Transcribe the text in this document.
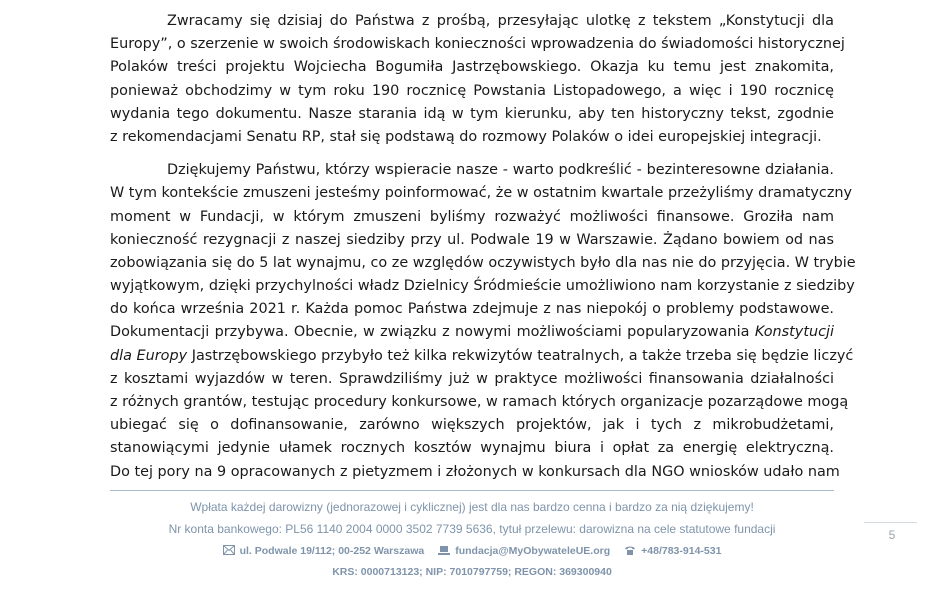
Zwracamy się dzisiaj do Państwa z prośbą, przesyłając ulotkę z tekstem „Konstytucji dla
Europy”, o szerzenie w swoich środowiskach konieczności wprowadzenia do świadomości historycznej
Polaków treści projektu Wojciecha Bogumiła Jastrzębowskiego. Okazja ku temu jest znakomita,
ponieważ obchodzimy w tym roku 190 rocznicę Powstania Listopadowego, a więc i 190 rocznicę
wydania tego dokumentu. Nasze starania idą w tym kierunku, aby ten historyczny tekst, zgodnie
z rekomendacjami Senatu RP, stał się podstawą do rozmowy Polaków o idei europejskiej integracji.
Dziękujemy Państwu, którzy wspieracie nasze - warto podkreślić - bezinteresowne działania.
W tym kontekście zmuszeni jesteśmy poinformować, że w ostatnim kwartale przeżyliśmy dramatyczny
moment w Fundacji, w którym zmuszeni byliśmy rozważyć możliwości finansowe. Groziła nam
konieczność rezygnacji z naszej siedziby przy ul. Podwale 19 w Warszawie. Żądano bowiem od nas
zobowiązania się do 5 lat wynajmu, co ze względów oczywistych było dla nas nie do przyjęcia. W trybie
wyjątkowym, dzięki przychylności władz Dzielnicy Śródmieście umożliwiono nam korzystanie z siedziby
do końca września 2021 r. Każda pomoc Państwa zdejmuje z nas niepokój o problemy podstawowe.
Dokumentacji przybywa. Obecnie, w związku z nowymi możliwościami popularyzowania Konstytucji
dla Europy Jastrzębowskiego przybyło też kilka rekwizytów teatralnych, a także trzeba się będzie liczyć
z kosztami wyjazdów w teren. Sprawdziliśmy już w praktyce możliwości finansowania działalności
z różnych grantów, testując procedury konkursowe, w ramach których organizacje pozarządowe mogą
ubiegać się o dofinansowanie, zarówno większych projektów, jak i tych z mikrobudżetami,
stanowiącymi jedynie ułamek rocznych kosztów wynajmu biura i opłat za energię elektryczną.
Do tej pory na 9 opracowanych z pietyzmem i złożonych w konkursach dla NGO wniosków udało nam
5
Wpłata każdej darowizny (jednorazowej i cyklicznej) jest dla nas bardzo cenna i bardzo za nią dziękujemy!
Nr konta bankowego: PL56 1140 2004 0000 3502 7739 5636, tytuł przelewu: darowizna na cele statutowe fundacji
ul. Podwale 19/112; 00-252 Warszawa	fundacja@MyObywateleUE.org	+48/783-914-531
KRS: 0000713123; NIP: 7010797759; REGON: 369300940
